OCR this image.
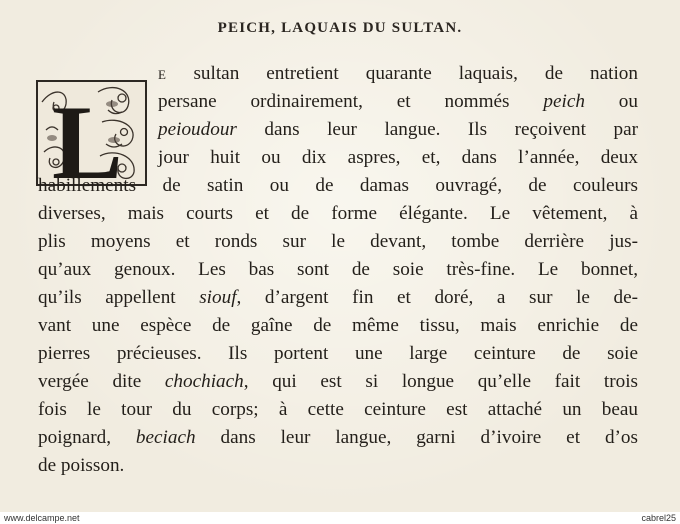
PEICH, LAQUAIS DU SULTAN.
L
E sultan entretient quarante laquais, de nation
persane ordinairement, et nommés peich ou
peioudour dans leur langue. Ils reçoivent par
jour huit ou dix aspres, et, dans l’année, deux
habillements de satin ou de damas ouvragé, de couleurs
diverses, mais courts et de forme élégante. Le vêtement, à
plis moyens et ronds sur le devant, tombe derrière jus-
qu’aux genoux. Les bas sont de soie très-fine. Le bonnet,
qu’ils appellent siouf, d’argent fin et doré, a sur le de-
vant une espèce de gaîne de même tissu, mais enrichie de
pierres précieuses. Ils portent une large ceinture de soie
vergée dite chochiach, qui est si longue qu’elle fait trois
fois le tour du corps; à cette ceinture est attaché un beau
poignard, beciach dans leur langue, garni d’ivoire et d’os
de poisson.
www.delcampe.net	cabrel25
